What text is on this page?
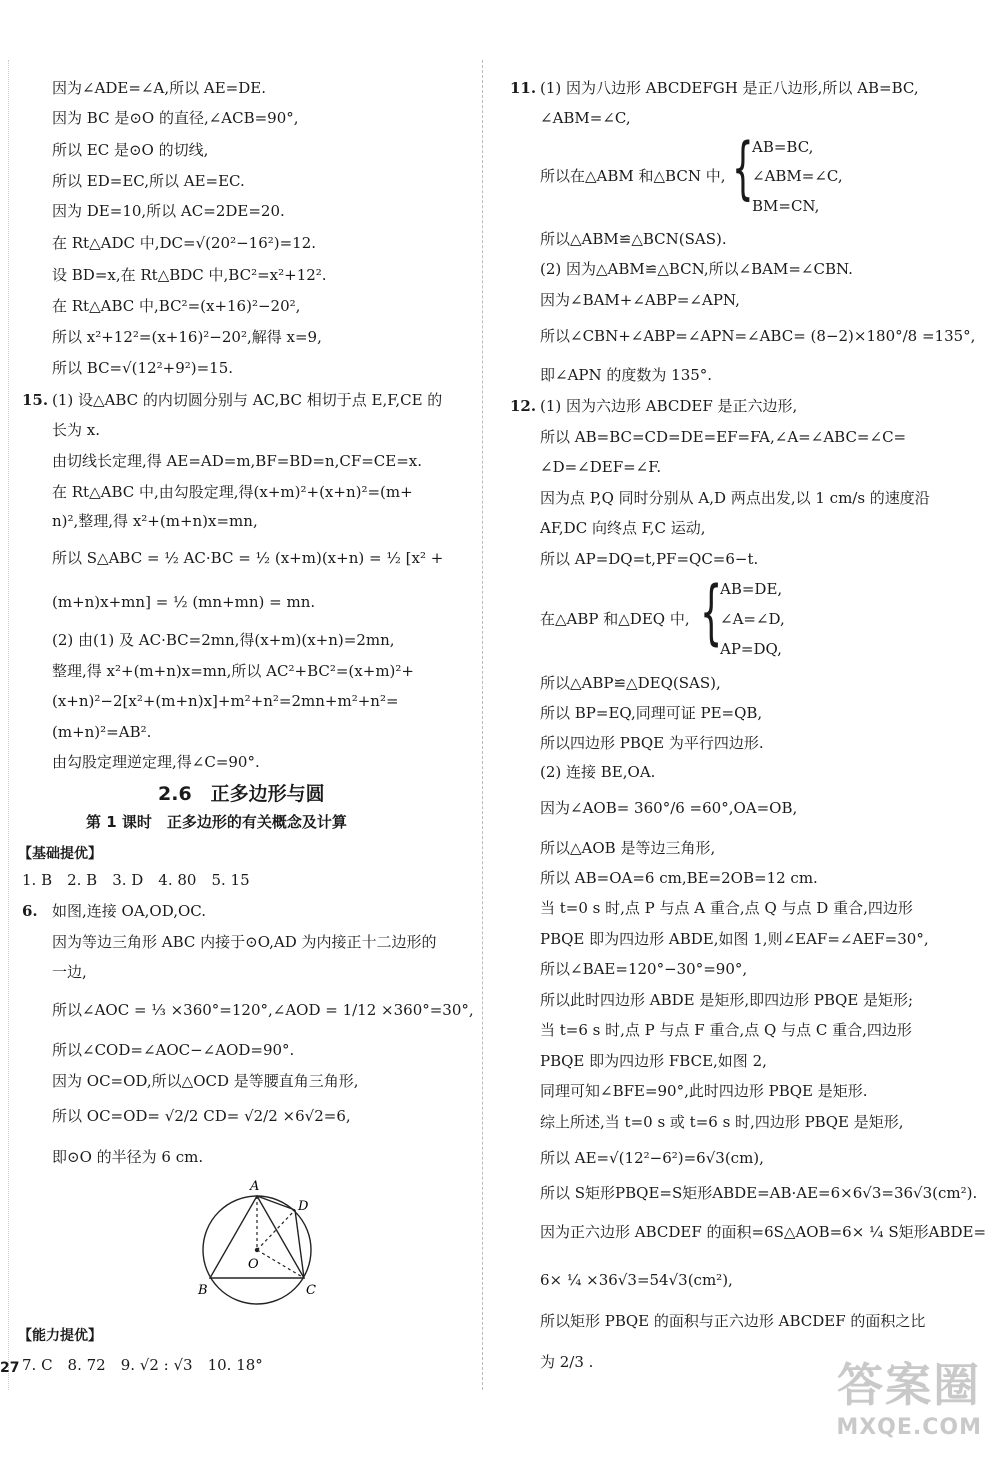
因为∠ADE=∠A,所以 AE=DE.
因为 BC 是⊙O 的直径,∠ACB=90°,
所以 EC 是⊙O 的切线,
所以 ED=EC,所以 AE=EC.
因为 DE=10,所以 AC=2DE=20.
在 Rt△ADC 中,DC=√(20²−16²)=12.
设 BD=x,在 Rt△BDC 中,BC²=x²+12².
在 Rt△ABC 中,BC²=(x+16)²−20²,
所以 x²+12²=(x+16)²−20²,解得 x=9,
所以 BC=√(12²+9²)=15.
15. (1) 设△ABC 的内切圆分别与 AC,BC 相切于点 E,F,CE 的
长为 x.
由切线长定理,得 AE=AD=m,BF=BD=n,CF=CE=x.
在 Rt△ABC 中,由勾股定理,得(x+m)²+(x+n)²=(m+
n)²,整理,得 x²+(m+n)x=mn,
所以 S△ABC = ½ AC·BC = ½ (x+m)(x+n) = ½ [x² +
(m+n)x+mn] = ½ (mn+mn) = mn.
(2) 由(1) 及 AC·BC=2mn,得(x+m)(x+n)=2mn,
整理,得 x²+(m+n)x=mn,所以 AC²+BC²=(x+m)²+
(x+n)²−2[x²+(m+n)x]+m²+n²=2mn+m²+n²=
(m+n)²=AB².
由勾股定理逆定理,得∠C=90°.
2.6　正多边形与圆
第 1 课时　正多边形的有关概念及计算
【基础提优】
1. B　2. B　3. D　4. 80　5. 15
6. 如图,连接 OA,OD,OC.
因为等边三角形 ABC 内接于⊙O,AD 为内接正十二边形的
一边,
所以∠AOC = ⅓ ×360°=120°,∠AOD = 1/12 ×360°=30°,
所以∠COD=∠AOC−∠AOD=90°.
因为 OC=OD,所以△OCD 是等腰直角三角形,
所以 OC=OD= √2/2 CD= √2/2 ×6√2=6,
即⊙O 的半径为 6 cm.
A
D
O
B	C
【能力提优】
7. C　8. 72　9. √2 : √3　10. 18°
11. (1) 因为八边形 ABCDEFGH 是正八边形,所以 AB=BC,
∠ABM=∠C,
所以在△ABM 和△BCN 中, {
AB=BC,
∠ABM=∠C,
BM=CN,
所以△ABM≌△BCN(SAS).
(2) 因为△ABM≌△BCN,所以∠BAM=∠CBN.
因为∠BAM+∠ABP=∠APN,
所以∠CBN+∠ABP=∠APN=∠ABC= (8−2)×180°/8 =135°,
即∠APN 的度数为 135°.
12. (1) 因为六边形 ABCDEF 是正六边形,
所以 AB=BC=CD=DE=EF=FA,∠A=∠ABC=∠C=
∠D=∠DEF=∠F.
因为点 P,Q 同时分别从 A,D 两点出发,以 1 cm/s 的速度沿
AF,DC 向终点 F,C 运动,
所以 AP=DQ=t,PF=QC=6−t.
在△ABP 和△DEQ 中, {
AB=DE,
∠A=∠D,
AP=DQ,
所以△ABP≌△DEQ(SAS),
所以 BP=EQ,同理可证 PE=QB,
所以四边形 PBQE 为平行四边形.
(2) 连接 BE,OA.
因为∠AOB= 360°/6 =60°,OA=OB,
所以△AOB 是等边三角形,
所以 AB=OA=6 cm,BE=2OB=12 cm.
当 t=0 s 时,点 P 与点 A 重合,点 Q 与点 D 重合,四边形
PBQE 即为四边形 ABDE,如图 1,则∠EAF=∠AEF=30°,
所以∠BAE=120°−30°=90°,
所以此时四边形 ABDE 是矩形,即四边形 PBQE 是矩形;
当 t=6 s 时,点 P 与点 F 重合,点 Q 与点 C 重合,四边形
PBQE 即为四边形 FBCE,如图 2,
同理可知∠BFE=90°,此时四边形 PBQE 是矩形.
综上所述,当 t=0 s 或 t=6 s 时,四边形 PBQE 是矩形,
所以 AE=√(12²−6²)=6√3(cm),
所以 S矩形PBQE=S矩形ABDE=AB·AE=6×6√3=36√3(cm²).
因为正六边形 ABCDEF 的面积=6S△AOB=6× ¼ S矩形ABDE=
6× ¼ ×36√3=54√3(cm²),
所以矩形 PBQE 的面积与正六边形 ABCDEF 的面积之比
为 2/3 .
27	答案圈
MXQE.COM
